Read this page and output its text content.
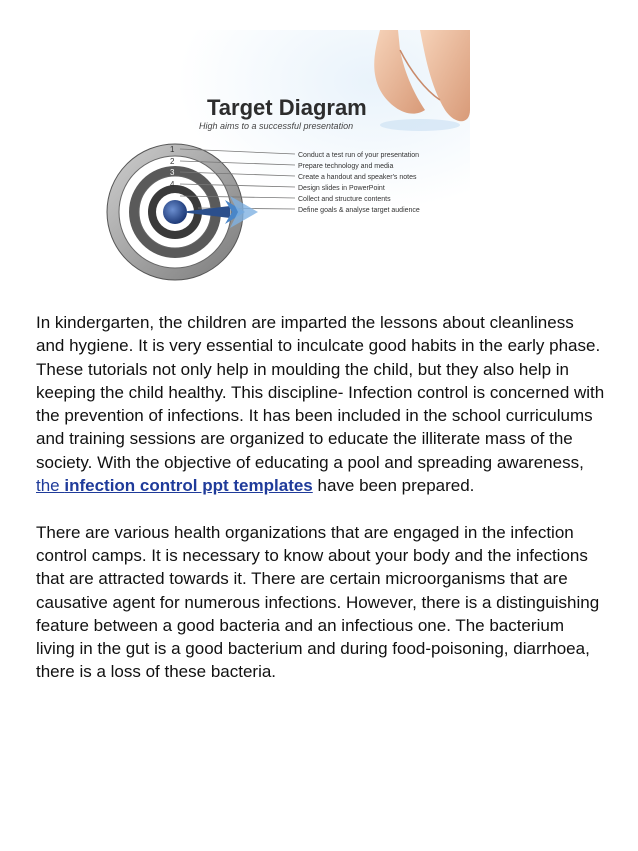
Target Diagram
High aims to a successful presentation
1
2
3
4
5
Conduct a test run of your presentation
Prepare technology and media
Create a handout and speaker's notes
Design slides in PowerPoint
Collect and structure contents
Define goals & analyse target audience

In kindergarten, the children are imparted the lessons about cleanliness and hygiene. It is very essential to inculcate good habits in the early phase. These tutorials not only help in moulding the child, but they also help in keeping the child healthy. This discipline- Infection control is concerned with the prevention of infections. It has been included in the school curriculums and training sessions are organized to educate the illiterate mass of the society. With the objective of educating a pool and spreading awareness, the infection control ppt templates have been prepared.

There are various health organizations that are engaged in the infection control camps. It is necessary to know about your body and the infections that are attracted towards it. There are certain microorganisms that are causative agent for numerous infections. However, there is a distinguishing feature between a good bacteria and an infectious one. The bacterium living in the gut is a good bacterium and during food-poisoning, diarrhoea, there is a loss of these bacteria.
